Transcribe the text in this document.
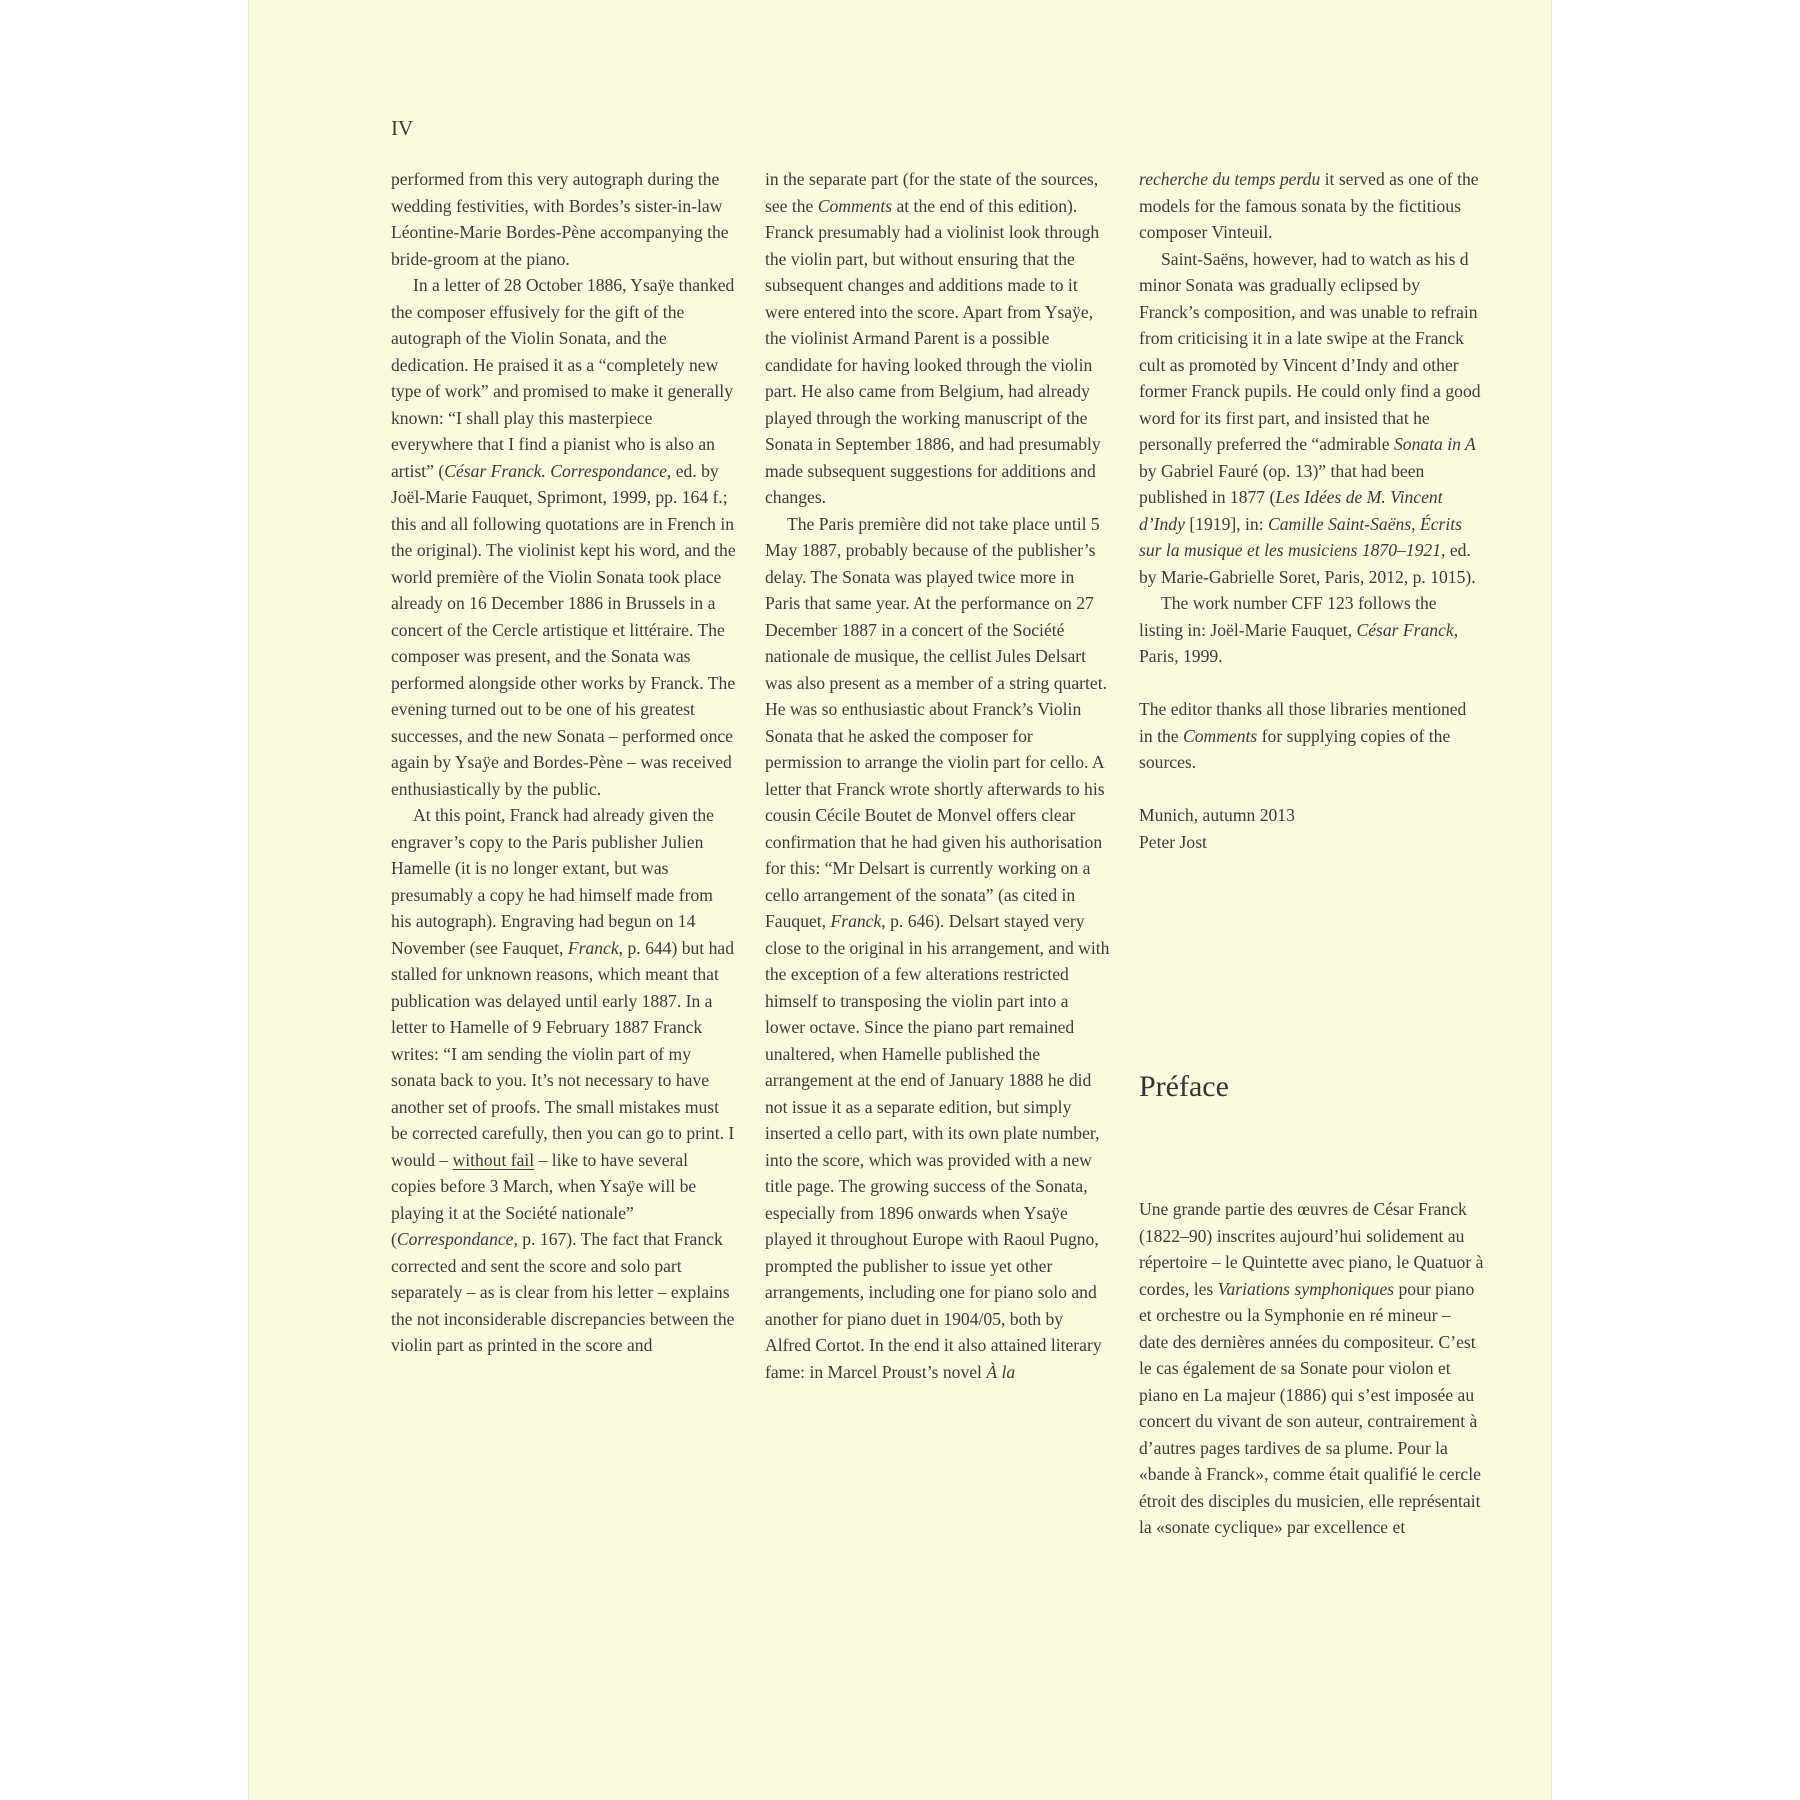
IV

performed from this very autograph during the wedding festivities, with Bordes’s sister-in-law Léontine-Marie Bordes-Pène accompanying the bride-groom at the piano.

In a letter of 28 October 1886, Ysaÿe thanked the composer effusively for the gift of the autograph of the Violin Sonata, and the dedication. He praised it as a “completely new type of work” and promised to make it generally known: “I shall play this masterpiece everywhere that I find a pianist who is also an artist” (César Franck. Correspondance, ed. by Joël-Marie Fauquet, Sprimont, 1999, pp. 164 f.; this and all following quotations are in French in the original). The violinist kept his word, and the world première of the Violin Sonata took place already on 16 December 1886 in Brussels in a concert of the Cercle artistique et littéraire. The composer was present, and the Sonata was performed alongside other works by Franck. The evening turned out to be one of his greatest successes, and the new Sonata – performed once again by Ysaÿe and Bordes-Pène – was received enthusiastically by the public.

At this point, Franck had already given the engraver’s copy to the Paris publisher Julien Hamelle (it is no longer extant, but was presumably a copy he had himself made from his autograph). Engraving had begun on 14 November (see Fauquet, Franck, p. 644) but had stalled for unknown reasons, which meant that publication was delayed until early 1887. In a letter to Hamelle of 9 February 1887 Franck writes: “I am sending the violin part of my sonata back to you. It’s not necessary to have another set of proofs. The small mistakes must be corrected carefully, then you can go to print. I would – without fail – like to have several copies before 3 March, when Ysaÿe will be playing it at the Société nationale” (Correspondance, p. 167). The fact that Franck corrected and sent the score and solo part separately – as is clear from his letter – explains the not inconsiderable discrepancies between the violin part as printed in the score and

in the separate part (for the state of the sources, see the Comments at the end of this edition). Franck presumably had a violinist look through the violin part, but without ensuring that the subsequent changes and additions made to it were entered into the score. Apart from Ysaÿe, the violinist Armand Parent is a possible candidate for having looked through the violin part. He also came from Belgium, had already played through the working manuscript of the Sonata in September 1886, and had presumably made subsequent suggestions for additions and changes.

The Paris première did not take place until 5 May 1887, probably because of the publisher’s delay. The Sonata was played twice more in Paris that same year. At the performance on 27 December 1887 in a concert of the Société nationale de musique, the cellist Jules Delsart was also present as a member of a string quartet. He was so enthusiastic about Franck’s Violin Sonata that he asked the composer for permission to arrange the violin part for cello. A letter that Franck wrote shortly afterwards to his cousin Cécile Boutet de Monvel offers clear confirmation that he had given his authorisation for this: “Mr Delsart is currently working on a cello arrangement of the sonata” (as cited in Fauquet, Franck, p. 646). Delsart stayed very close to the original in his arrangement, and with the exception of a few alterations restricted himself to transposing the violin part into a lower octave. Since the piano part remained unaltered, when Hamelle published the arrangement at the end of January 1888 he did not issue it as a separate edition, but simply inserted a cello part, with its own plate number, into the score, which was provided with a new title page. The growing success of the Sonata, especially from 1896 onwards when Ysaÿe played it throughout Europe with Raoul Pugno, prompted the publisher to issue yet other arrangements, including one for piano solo and another for piano duet in 1904/05, both by Alfred Cortot. In the end it also attained literary fame: in Marcel Proust’s novel À la

recherche du temps perdu it served as one of the models for the famous sonata by the fictitious composer Vinteuil.

Saint-Saëns, however, had to watch as his d minor Sonata was gradually eclipsed by Franck’s composition, and was unable to refrain from criticising it in a late swipe at the Franck cult as promoted by Vincent d’Indy and other former Franck pupils. He could only find a good word for its first part, and insisted that he personally preferred the “admirable Sonata in A by Gabriel Fauré (op. 13)” that had been published in 1877 (Les Idées de M. Vincent d’Indy [1919], in: Camille Saint-Saëns, Écrits sur la musique et les musiciens 1870–1921, ed. by Marie-Gabrielle Soret, Paris, 2012, p. 1015).

The work number CFF 123 follows the listing in: Joël-Marie Fauquet, César Franck, Paris, 1999.

The editor thanks all those libraries mentioned in the Comments for supplying copies of the sources.

Munich, autumn 2013

Peter Jost

Préface

Une grande partie des œuvres de César Franck (1822–90) inscrites aujourd’hui solidement au répertoire – le Quintette avec piano, le Quatuor à cordes, les Variations symphoniques pour piano et orchestre ou la Symphonie en ré mineur – date des dernières années du compositeur. C’est le cas également de sa Sonate pour violon et piano en La majeur (1886) qui s’est imposée au concert du vivant de son auteur, contrairement à d’autres pages tardives de sa plume. Pour la «bande à Franck», comme était qualifié le cercle étroit des disciples du musicien, elle représentait la «sonate cyclique» par excellence et
